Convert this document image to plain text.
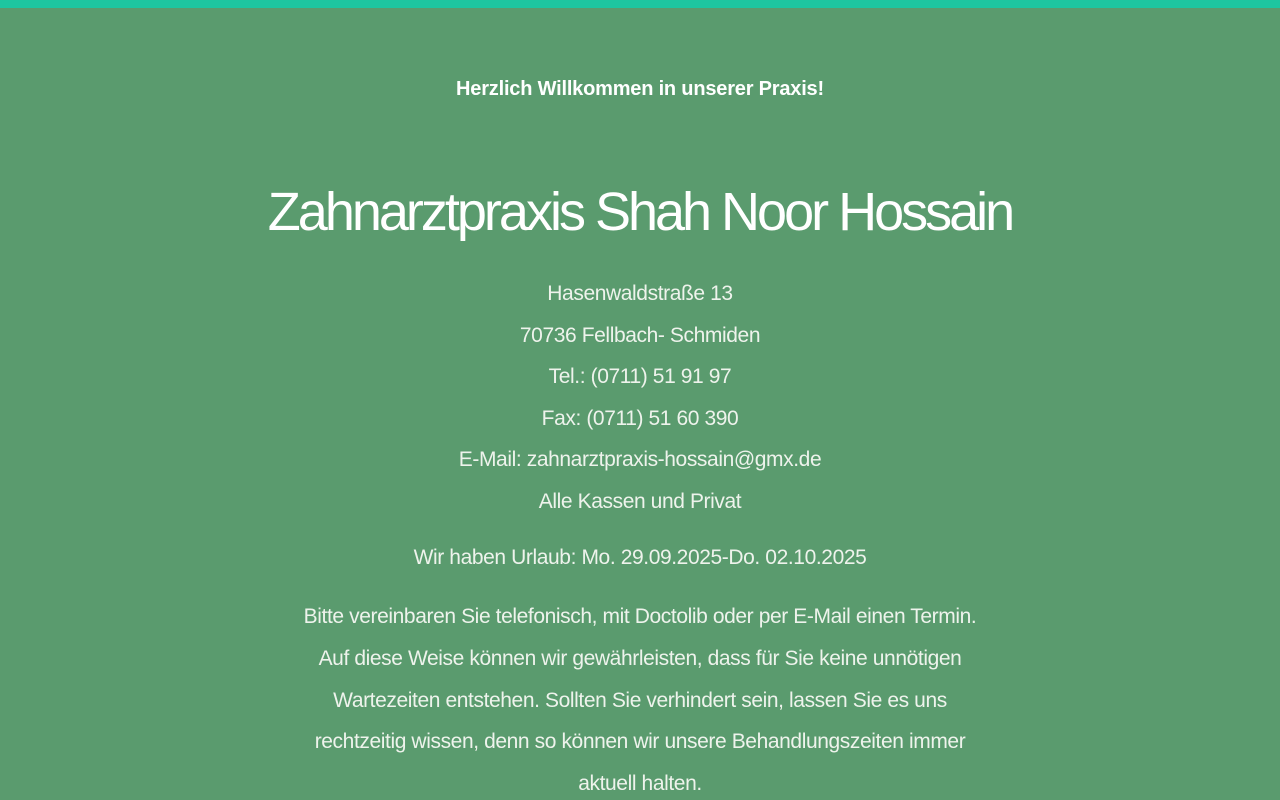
Herzlich Willkommen in unserer Praxis!
Zahnarztpraxis Shah Noor Hossain
Hasenwaldstraße 13
70736 Fellbach- Schmiden
Tel.: (0711) 51 91 97
Fax: (0711) 51 60 390
E-Mail: zahnarztpraxis-hossain@gmx.de
Alle Kassen und Privat
Wir haben Urlaub: Mo. 29.09.2025-Do. 02.10.2025
Bitte vereinbaren Sie telefonisch, mit Doctolib oder per E-Mail einen Termin. Auf diese Weise können wir gewährleisten, dass für Sie keine unnötigen Wartezeiten entstehen. Sollten Sie verhindert sein, lassen Sie es uns rechtzeitig wissen, denn so können wir unsere Behandlungszeiten immer aktuell halten.
